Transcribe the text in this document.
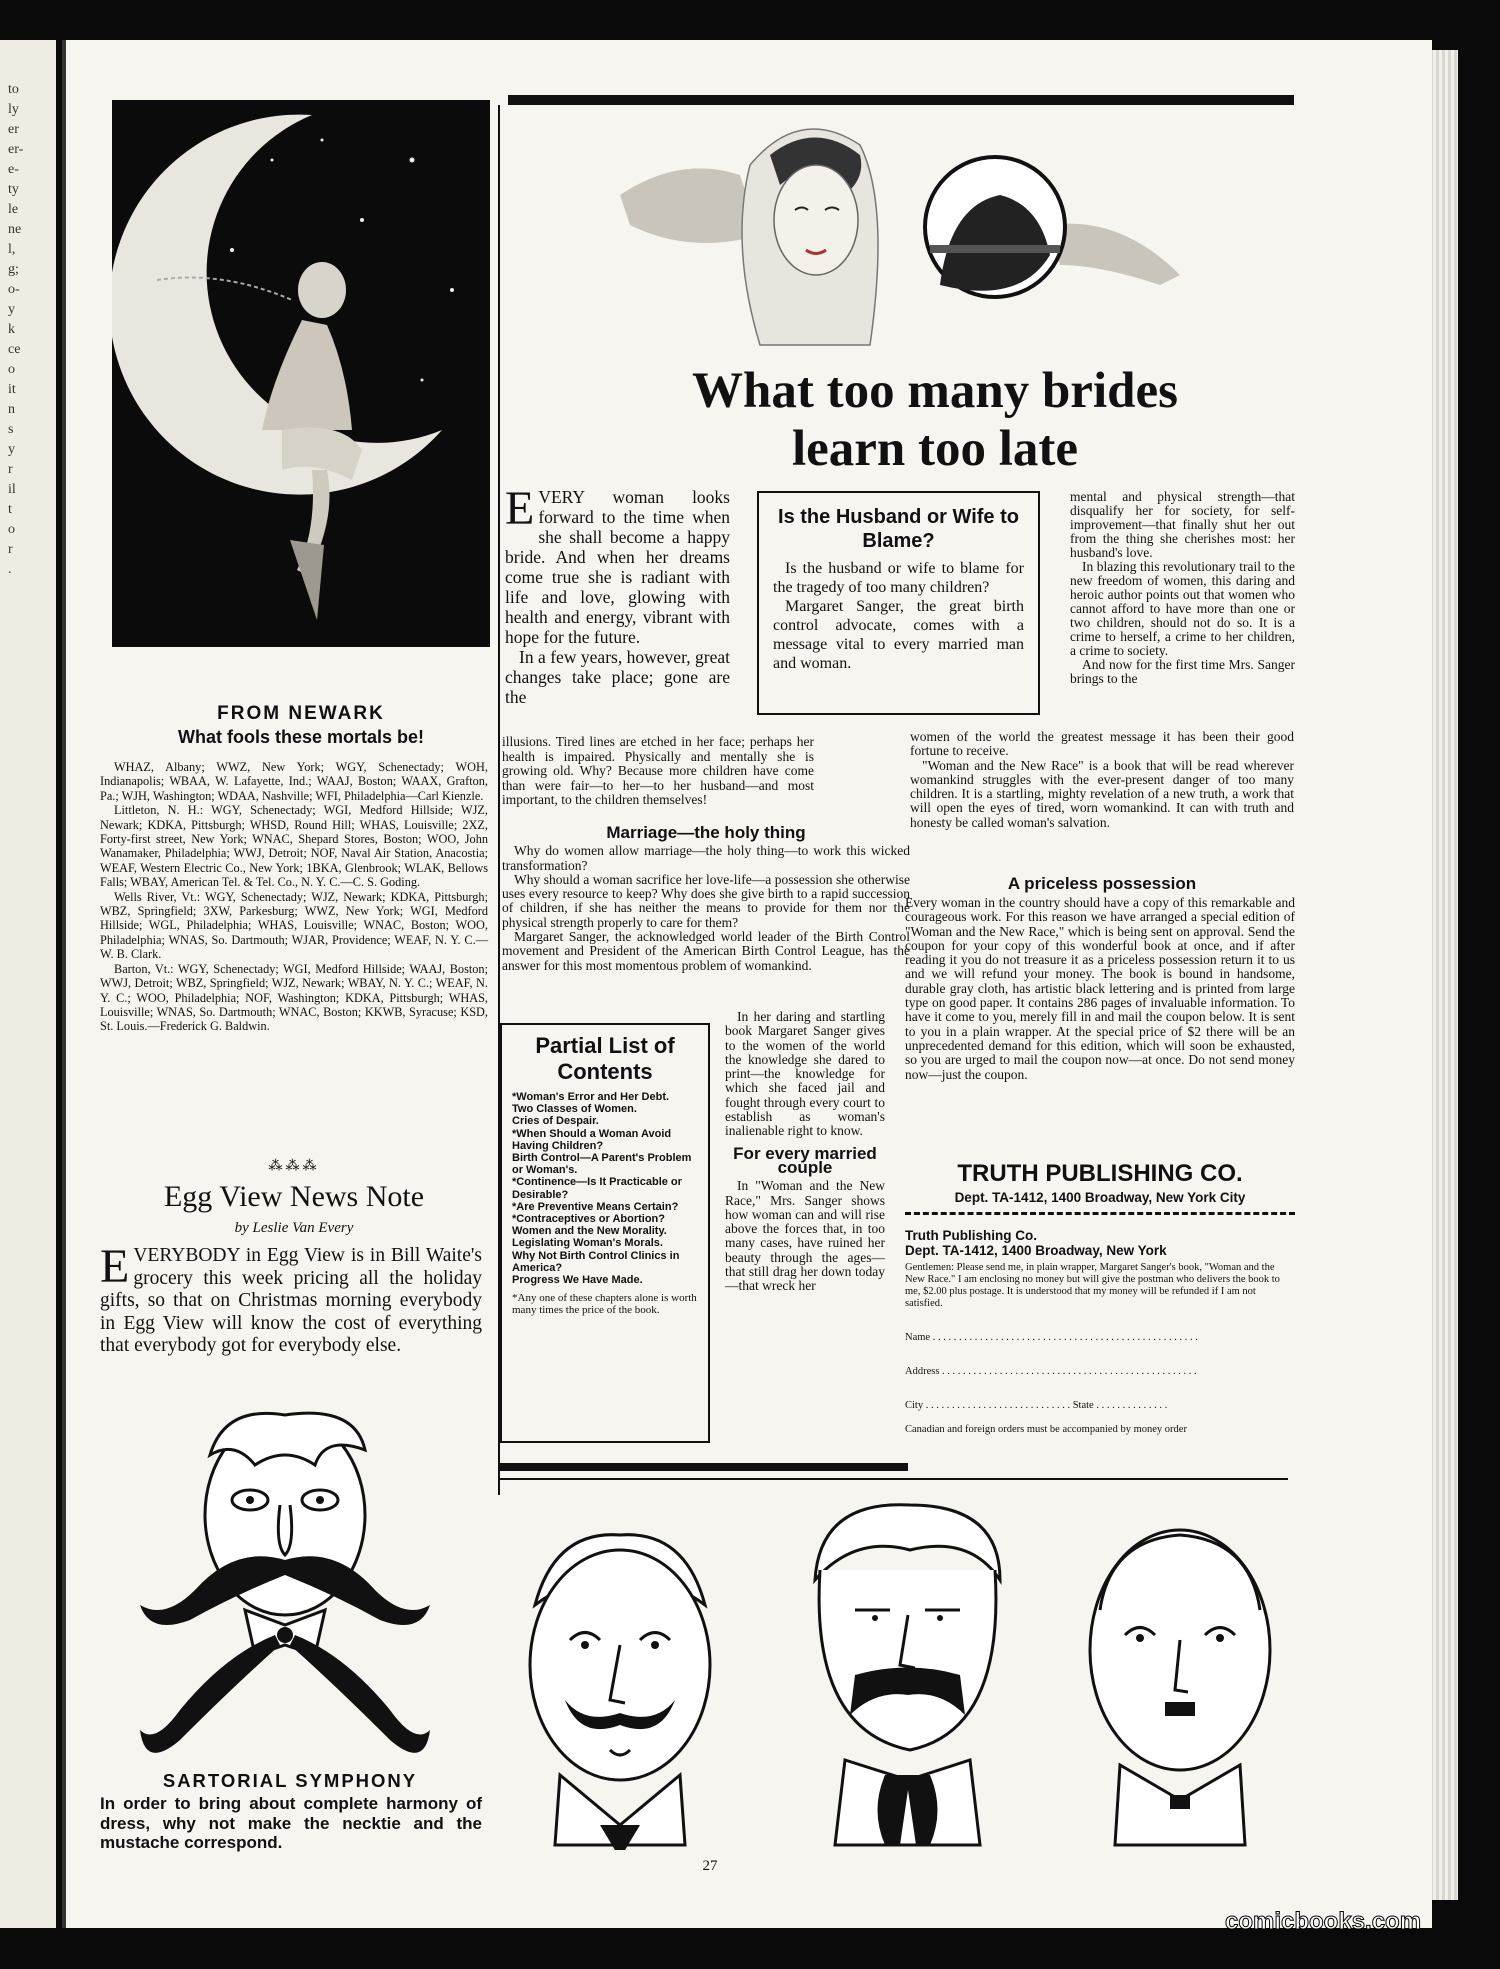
to
ly
er
er-
e-
ty
le
ne
l,
g;
o-
y
k
ce
o
it
n
s
y
r
il
t
o
r
.
FROM NEWARK
What fools these mortals be!

WHAZ, Albany; WWZ, New York; WGY, Schenectady; WOH, Indianapolis; WBAA, W. Lafayette, Ind.; WAAJ, Boston; WAAX, Grafton, Pa.; WJH, Washington; WDAA, Nashville; WFI, Philadelphia—Carl Kienzle.

Littleton, N. H.: WGY, Schenectady; WGI, Medford Hillside; WJZ, Newark; KDKA, Pittsburgh; WHSD, Round Hill; WHAS, Louisville; 2XZ, Forty-first street, New York; WNAC, Shepard Stores, Boston; WOO, John Wanamaker, Philadelphia; WWJ, Detroit; NOF, Naval Air Station, Anacostia; WEAF, Western Electric Co., New York; 1BKA, Glenbrook; WLAK, Bellows Falls; WBAY, American Tel. & Tel. Co., N. Y. C.—C. S. Goding.

Wells River, Vt.: WGY, Schenectady; WJZ, Newark; KDKA, Pittsburgh; WBZ, Springfield; 3XW, Parkesburg; WWZ, New York; WGI, Medford Hillside; WGL, Philadelphia; WHAS, Louisville; WNAC, Boston; WOO, Philadelphia; WNAS, So. Dartmouth; WJAR, Providence; WEAF, N. Y. C.—W. B. Clark.

Barton, Vt.: WGY, Schenectady; WGI, Medford Hillside; WAAJ, Boston; WWJ, Detroit; WBZ, Springfield; WJZ, Newark; WBAY, N. Y. C.; WEAF, N. Y. C.; WOO, Philadelphia; NOF, Washington; KDKA, Pittsburgh; WHAS, Louisville; WNAS, So. Dartmouth; WNAC, Boston; KKWB, Syracuse; KSD, St. Louis.—Frederick G. Baldwin.

⁂⁂⁂
Egg View News Note
by Leslie Van Every
EVERYBODY in Egg View is in Bill Waite's grocery this week pricing all the holiday gifts, so that on Christmas morning everybody in Egg View will know the cost of everything that everybody got for everybody else.
SARTORIAL SYMPHONY
In order to bring about complete harmony of dress, why not make the necktie and the mustache correspond.
What too many brides
learn too late
EVERY woman looks forward to the time when she shall become a happy bride. And when her dreams come true she is radiant with life and love, glowing with health and energy, vibrant with hope for the future.
In a few years, however, great changes take place; gone are the
Is the Husband or Wife to Blame?

Is the husband or wife to blame for the tragedy of too many children?

Margaret Sanger, the great birth control advocate, comes with a message vital to every married man and woman.

mental and physical strength—that disqualify her for society, for self-improvement—that finally shut her out from the thing she cherishes most: her husband's love.

In blazing this revolutionary trail to the new freedom of women, this daring and heroic author points out that women who cannot afford to have more than one or two children, should not do so. It is a crime to herself, a crime to her children, a crime to society.

And now for the first time Mrs. Sanger brings to the

illusions. Tired lines are etched in her face; perhaps her health is impaired. Physically and mentally she is growing old. Why? Because more children have come than were fair—to her—to her husband—and most important, to the children themselves!

women of the world the greatest message it has been their good fortune to receive.

"Woman and the New Race" is a book that will be read wherever womankind struggles with the ever-present danger of too many children. It is a startling, mighty revelation of a new truth, a work that will open the eyes of tired, worn womankind. It can with truth and honesty be called woman's salvation.

Marriage—the holy thing

Why do women allow marriage—the holy thing—to work this wicked transformation?

Why should a woman sacrifice her love-life—a possession she otherwise uses every resource to keep? Why does she give birth to a rapid succession of children, if she has neither the means to provide for them nor the physical strength properly to care for them?

Margaret Sanger, the acknowledged world leader of the Birth Control movement and President of the American Birth Control League, has the answer for this most momentous problem of womankind.

Partial List of Contents
*Woman's Error and Her Debt.
Two Classes of Women.
Cries of Despair.
*When Should a Woman Avoid Having Children?
Birth Control—A Parent's Problem or Woman's.
*Continence—Is It Practicable or Desirable?
*Are Preventive Means Certain?
*Contraceptives or Abortion?
Women and the New Morality.
Legislating Woman's Morals.
Why Not Birth Control Clinics in America?
Progress We Have Made.
*Any one of these chapters alone is worth many times the price of the book.

In her daring and startling book Margaret Sanger gives to the women of the world the knowledge she dared to print—the knowledge for which she faced jail and fought through every court to establish as woman's inalienable right to know.

For every married couple

In "Woman and the New Race," Mrs. Sanger shows how woman can and will rise above the forces that, in too many cases, have ruined her beauty through the ages—that still drag her down today—that wreck her

A priceless possession
Every woman in the country should have a copy of this remarkable and courageous work. For this reason we have arranged a special edition of "Woman and the New Race," which is being sent on approval. Send the coupon for your copy of this wonderful book at once, and if after reading it you do not treasure it as a priceless possession return it to us and we will refund your money. The book is bound in handsome, durable gray cloth, has artistic black lettering and is printed from large type on good paper. It contains 286 pages of invaluable information. To have it come to you, merely fill in and mail the coupon below. It is sent to you in a plain wrapper. At the special price of $2 there will be an unprecedented demand for this edition, which will soon be exhausted, so you are urged to mail the coupon now—at once. Do not send money now—just the coupon.
TRUTH PUBLISHING CO.
Dept. TA-1412, 1400 Broadway, New York City
Truth Publishing Co.
Dept. TA-1412, 1400 Broadway, New York

Gentlemen: Please send me, in plain wrapper, Margaret Sanger's book, "Woman and the New Race." I am enclosing no money but will give the postman who delivers the book to me, $2.00 plus postage. It is understood that my money will be refunded if I am not satisfied.

Name . . . . . . . . . . . . . . . . . . . . . . . . . . . . . . . . . . . . . . . . . . . . . . . . . . .
Address . . . . . . . . . . . . . . . . . . . . . . . . . . . . . . . . . . . . . . . . . . . . . . . . .
City . . . . . . . . . . . . . . . . . . . . . . . . . . . . State . . . . . . . . . . . . . .
Canadian and foreign orders must be accompanied by money order
27
comicbooks.com
